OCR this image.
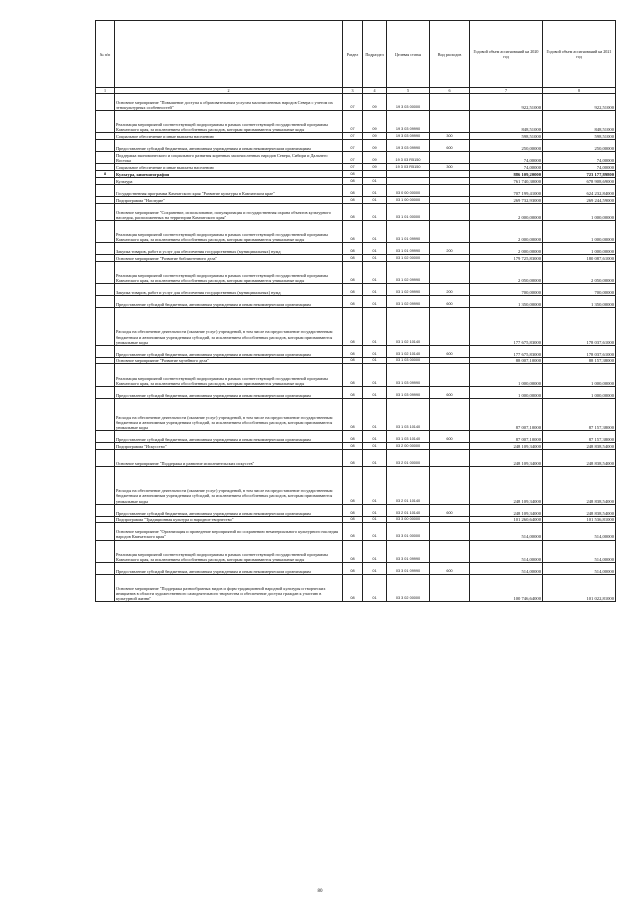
№ п/п		Раздел	Подраздел	Целевая статья	Вид расходов	Годовой объем ассигнований на 2020 год	Годовой объем ассигнований на 2021 год
1	2	3	4	5	6	7	8
	Основное мероприятие "Повышение доступа к образовательным услугам малочисленных народов Севера с учетом их этнокультурных особенностей"	07	09	19 3 03 00000		922,51000	922,51000
	Реализация мероприятий соответствующей подпрограммы в рамках соответствующей государственной программы Камчатского края, за исключением обособленных расходов, которым присваиваются уникальные коды	07	09	19 3 03 09990		848,51000	848,51000
	Социальное обеспечение и иные выплаты населению	07	09	19 3 03 09990	300	598,51000	598,51000
	Предоставление субсидий бюджетным, автономным учреждениям и иным некоммерческим организациям	07	09	19 3 03 09990	600	250,00000	250,00000
	Поддержка экономического и социального развития коренных малочисленных народов Севера, Сибири и Дальнего Востока	07	09	19 3 03 R5150		74,00000	74,00000
	Социальное обеспечение и иные выплаты населению	07	09	19 3 03 R5150	300	74,00000	74,00000
8	Культура, кинематография	08				886 109,20000	723 177,89800
	Культура	08	01			761 740,30000	678 908,69000
	Государственная программа Камчатского края "Развитие культуры в Камчатском крае"	08	01	03 0 00 00000		707 199,41000	624 232,84000
	Подпрограмма "Наследие"	08	01	03 1 00 00000		269 732,93000	269 244,59000
	Основное мероприятие "Сохранение, использование, популяризация и государственная охрана объектов культурного наследия, расположенных на территории Камчатского края"	08	01	03 1 01 00000		2 000,00000	1 000,00000
	Реализация мероприятий соответствующей подпрограммы в рамках соответствующей государственной программы Камчатского края, за исключением обособленных расходов, которым присваиваются уникальные коды	08	01	03 1 01 09990		2 000,00000	1 000,00000
	Закупка товаров, работ и услуг для обеспечения государственных (муниципальных) нужд	08	01	03 1 01 09990	200	2 000,00000	1 000,00000
	Основное мероприятие "Развитие библиотечного дела"	08	01	03 1 02 00000		179 725,83000	180 087,61000
	Реализация мероприятий соответствующей подпрограммы в рамках соответствующей государственной программы Камчатского края, за исключением обособленных расходов, которым присваиваются уникальные коды	08	01	03 1 02 09990		2 050,00000	2 050,00000
	Закупка товаров, работ и услуг для обеспечения государственных (муниципальных) нужд	08	01	03 1 02 09990	200	700,00000	700,00000
	Предоставление субсидий бюджетным, автономным учреждениям и иным некоммерческим организациям	08	01	03 1 02 09990	600	1 350,00000	1 350,00000
	Расходы на обеспечение деятельности (оказание услуг) учреждений, в том числе на предоставление государственным бюджетным и автономным учреждениям субсидий, за исключением обособленных расходов, которым присваиваются уникальные коды	08	01	03 1 02 10140		177 675,83000	178 037,61000
	Предоставление субсидий бюджетным, автономным учреждениям и иным некоммерческим организациям	08	01	03 1 02 10140	600	177 675,83000	178 037,61000
	Основное мероприятие "Развитие музейного дела"	08	01	03 1 03 00000		88 007,10000	88 157,38000
	Реализация мероприятий соответствующей подпрограммы в рамках соответствующей государственной программы Камчатского края, за исключением обособленных расходов, которым присваиваются уникальные коды	08	01	03 1 03 09990		1 000,00000	1 000,00000
	Предоставление субсидий бюджетным, автономным учреждениям и иным некоммерческим организациям	08	01	03 1 03 09990	600	1 000,00000	1 000,00000
	Расходы на обеспечение деятельности (оказание услуг) учреждений, в том числе на предоставление государственным бюджетным и автономным учреждениям субсидий, за исключением обособленных расходов, которым присваиваются уникальные коды	08	01	03 1 03 10140		87 007,10000	87 157,38000
	Предоставление субсидий бюджетным, автономным учреждениям и иным некоммерческим организациям	08	01	03 1 03 10140	600	87 007,10000	87 157,38000
	Подпрограмма "Искусство"	08	01	03 2 00 00000		248 109,34000	248 838,54000
	Основное мероприятие "Поддержка и развитие исполнительских искусств"	08	01	03 2 01 00000		248 109,34000	248 838,54000
	Расходы на обеспечение деятельности (оказание услуг) учреждений, в том числе на предоставление государственным бюджетным и автономным учреждениям субсидий, за исключением обособленных расходов, которым присваиваются уникальные коды	08	01	03 2 01 10140		248 109,34000	248 838,54000
	Предоставление субсидий бюджетным, автономным учреждениям и иным некоммерческим организациям	08	01	03 2 01 10140	600	248 109,34000	248 838,54000
	Подпрограмма "Традиционная культура и народное творчество"	08	01	03 3 00 00000		101 260,64000	101 536,81000
	Основное мероприятие "Организация и проведение мероприятий по сохранению нематериального культурного наследия народов Камчатского края"	08	01	03 3 01 00000		514,00000	514,00000
	Реализация мероприятий соответствующей подпрограммы в рамках соответствующей государственной программы Камчатского края, за исключением обособленных расходов, которым присваиваются уникальные коды	08	01	03 3 01 09990		514,00000	514,00000
	Предоставление субсидий бюджетным, автономным учреждениям и иным некоммерческим организациям	08	01	03 3 01 09990	600	514,00000	514,00000
	Основное мероприятие "Поддержка разнообразных видов и форм традиционной народной культуры и творческих инициатив в области художественного самодеятельного творчества и обеспечение доступа граждан к участию в культурной жизни"	08	01	03 3 02 00000		100 746,64000	101 022,81000
80
